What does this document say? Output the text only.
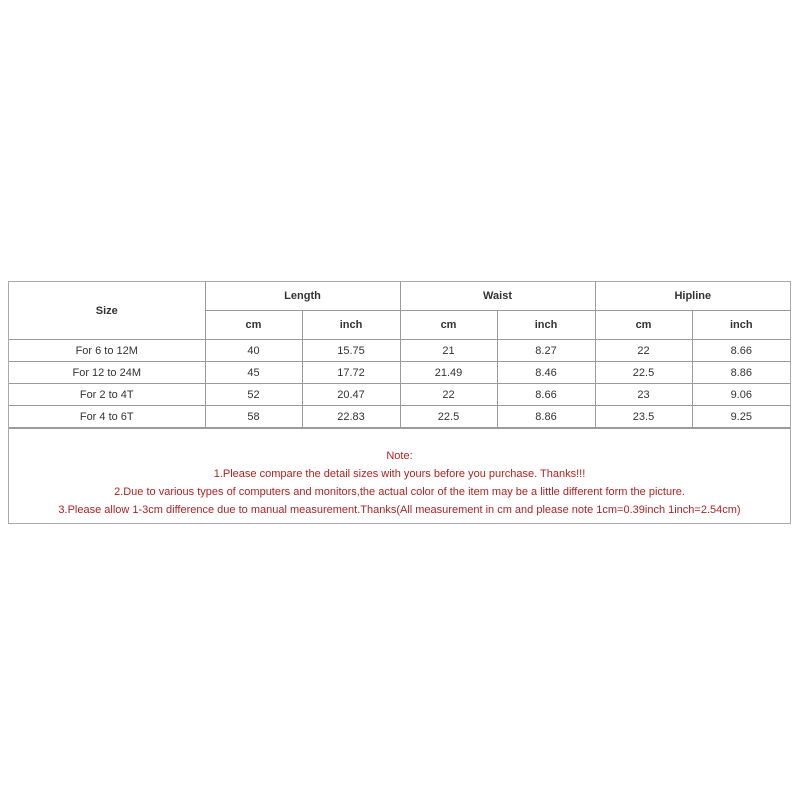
Size	Length		Waist		Hipline	
	cm	inch	cm	inch	cm	inch
For 6 to 12M	40	15.75	21	8.27	22	8.66
For 12 to 24M	45	17.72	21.49	8.46	22.5	8.86
For 2 to 4T	52	20.47	22	8.66	23	9.06
For 4 to 6T	58	22.83	22.5	8.86	23.5	9.25
Note:
1.Please compare the detail sizes with yours before you purchase. Thanks!!!
2.Due to various types of computers and monitors,the actual color of the item may be a little different form the picture.
3.Please allow 1-3cm difference due to manual measurement.Thanks(All measurement in cm and please note 1cm=0.39inch 1inch=2.54cm)
